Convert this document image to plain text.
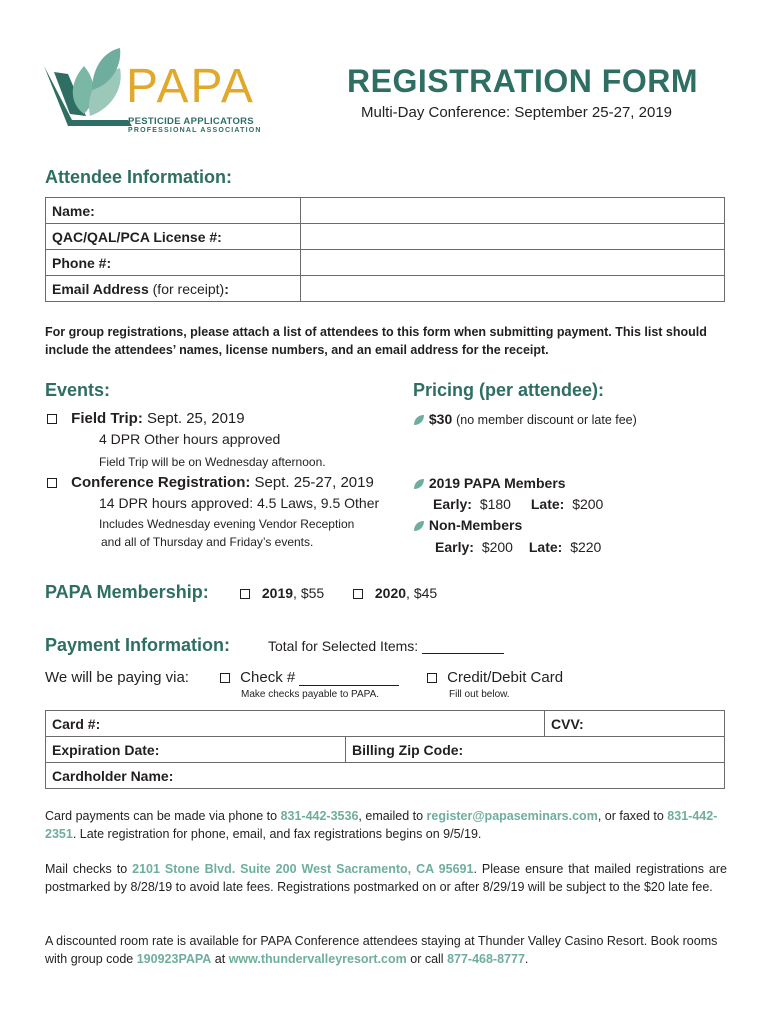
PAPA
PESTICIDE APPLICATORS
PROFESSIONAL ASSOCIATION
REGISTRATION FORM
Multi-Day Conference: September 25-27, 2019
Attendee Information:
Name:	
QAC/QAL/PCA License #:	
Phone #:	
Email Address (for receipt):	
For group registrations, please attach a list of attendees to this form when submitting payment. This list should include the attendees’ names, license numbers, and an email address for the receipt.
Events:
Field Trip: Sept. 25, 2019
4 DPR Other hours approved
Field Trip will be on Wednesday afternoon.
Conference Registration: Sept. 25-27, 2019
14 DPR hours approved: 4.5 Laws, 9.5 Other
Includes Wednesday evening Vendor Reception
and all of Thursday and Friday’s events.
Pricing (per attendee):
$30 (no member discount or late fee)
2019 PAPA Members
Early: $180 Late: $200
Non-Members
Early: $200 Late: $220
PAPA Membership:	2019, $55	2020, $45
Payment Information:	Total for Selected Items:
We will be paying via:	Check #
Make checks payable to PAPA.
Credit/Debit Card
Fill out below.
Card #:		CVV:
Expiration Date:	Billing Zip Code:	
Cardholder Name:		
Card payments can be made via phone to 831-442-3536, emailed to register@papaseminars.com, or faxed to 831-442-2351. Late registration for phone, email, and fax registrations begins on 9/5/19.
Mail checks to 2101 Stone Blvd. Suite 200 West Sacramento, CA 95691. Please ensure that mailed registrations are postmarked by 8/28/19 to avoid late fees. Registrations postmarked on or after 8/29/19 will be subject to the $20 late fee.
A discounted room rate is available for PAPA Conference attendees staying at Thunder Valley Casino Resort. Book rooms with group code 190923PAPA at www.thundervalleyresort.com or call 877-468-8777.
